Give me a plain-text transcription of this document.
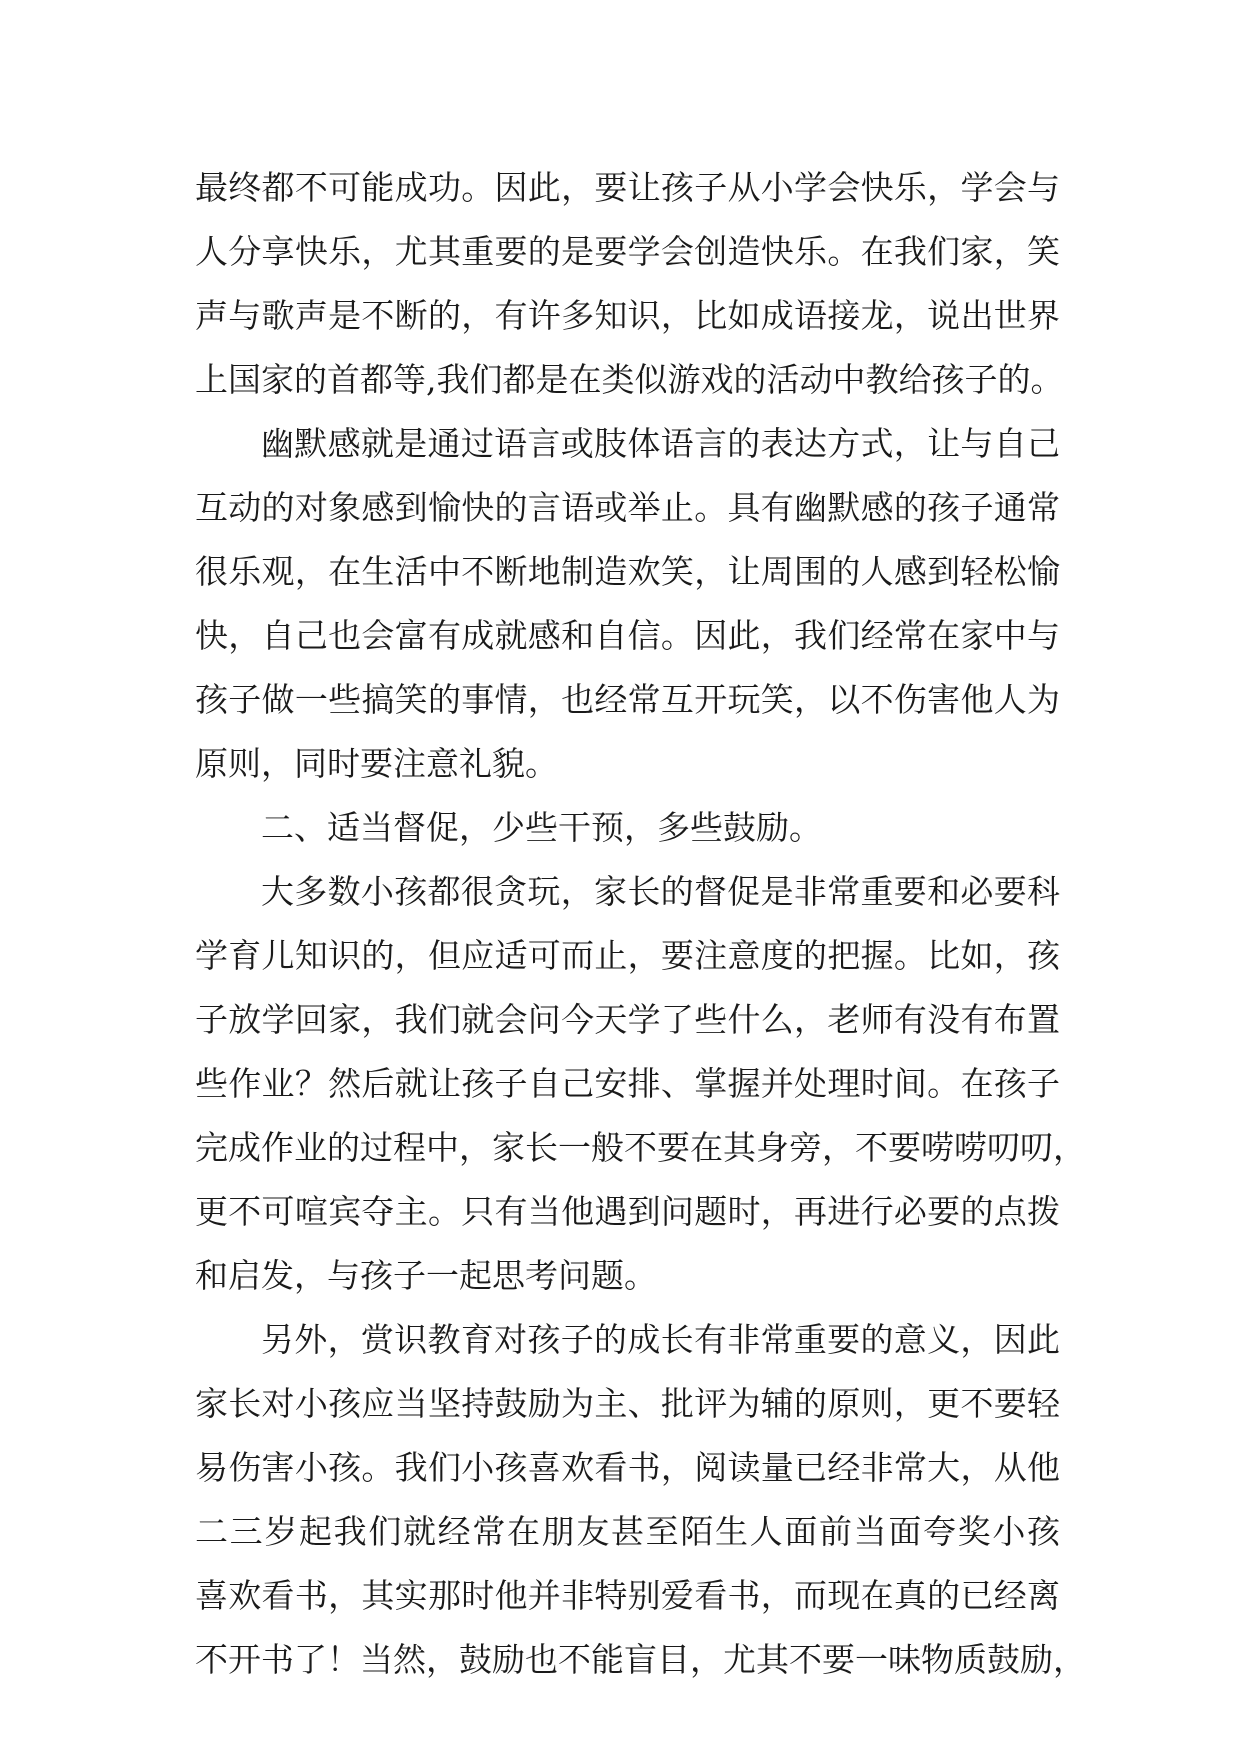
最终都不可能成功。因此，要让孩子从小学会快乐，学会与
人分享快乐，尤其重要的是要学会创造快乐。在我们家，笑
声与歌声是不断的，有许多知识，比如成语接龙，说出世界
上国家的首都等,我们都是在类似游戏的活动中教给孩子的。
幽默感就是通过语言或肢体语言的表达方式，让与自己
互动的对象感到愉快的言语或举止。具有幽默感的孩子通常
很乐观，在生活中不断地制造欢笑，让周围的人感到轻松愉
快，自己也会富有成就感和自信。因此，我们经常在家中与
孩子做一些搞笑的事情，也经常互开玩笑，以不伤害他人为
原则，同时要注意礼貌。
二、适当督促，少些干预，多些鼓励。
大多数小孩都很贪玩，家长的督促是非常重要和必要科
学育儿知识的，但应适可而止，要注意度的把握。比如，孩
子放学回家，我们就会问今天学了些什么，老师有没有布置
些作业？然后就让孩子自己安排、掌握并处理时间。在孩子
完成作业的过程中，家长一般不要在其身旁，不要唠唠叨叨，
更不可喧宾夺主。只有当他遇到问题时，再进行必要的点拨
和启发，与孩子一起思考问题。
另外，赏识教育对孩子的成长有非常重要的意义，因此
家长对小孩应当坚持鼓励为主、批评为辅的原则，更不要轻
易伤害小孩。我们小孩喜欢看书，阅读量已经非常大，从他
二三岁起我们就经常在朋友甚至陌生人面前当面夸奖小孩
喜欢看书，其实那时他并非特别爱看书，而现在真的已经离
不开书了！当然，鼓励也不能盲目，尤其不要一味物质鼓励，
